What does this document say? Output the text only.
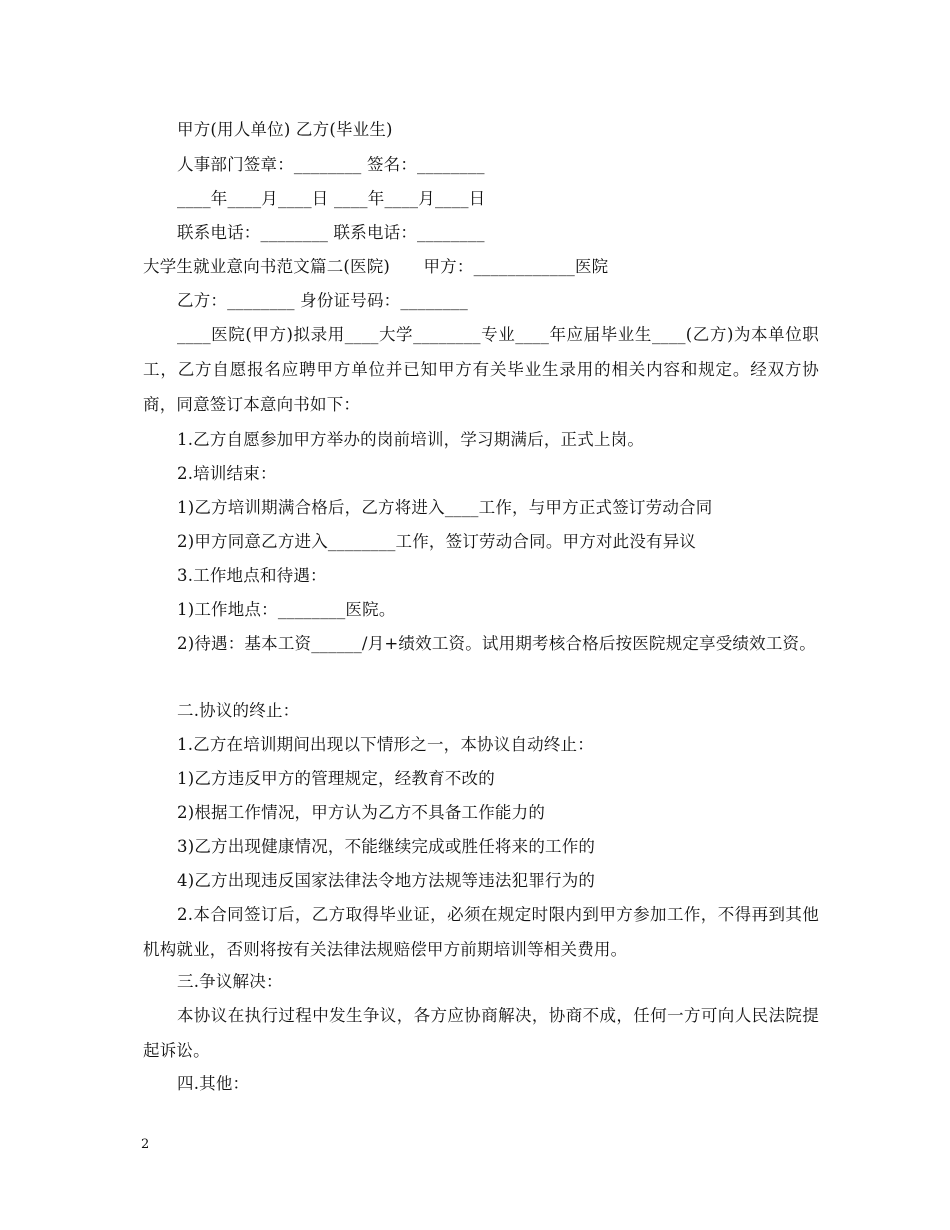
甲方(用人单位) 乙方(毕业生)
人事部门签章：________ 签名：________
____年____月____日 ____年____月____日
联系电话：________ 联系电话：________
大学生就业意向书范文篇二(医院)　　甲方：____________医院
乙方：________ 身份证号码：________
____医院(甲方)拟录用____大学________专业____年应届毕业生____(乙方)为本单位职工，乙方自愿报名应聘甲方单位并已知甲方有关毕业生录用的相关内容和规定。经双方协商，同意签订本意向书如下：
1.乙方自愿参加甲方举办的岗前培训，学习期满后，正式上岗。
2.培训结束：
1)乙方培训期满合格后，乙方将进入____工作，与甲方正式签订劳动合同
2)甲方同意乙方进入________工作，签订劳动合同。甲方对此没有异议
3.工作地点和待遇：
1)工作地点：________医院。
2)待遇：基本工资______/月+绩效工资。试用期考核合格后按医院规定享受绩效工资。
二.协议的终止：
1.乙方在培训期间出现以下情形之一，本协议自动终止：
1)乙方违反甲方的管理规定，经教育不改的
2)根据工作情况，甲方认为乙方不具备工作能力的
3)乙方出现健康情况，不能继续完成或胜任将来的工作的
4)乙方出现违反国家法律法令地方法规等违法犯罪行为的
2.本合同签订后，乙方取得毕业证，必须在规定时限内到甲方参加工作，不得再到其他机构就业，否则将按有关法律法规赔偿甲方前期培训等相关费用。
三.争议解决：
本协议在执行过程中发生争议，各方应协商解决，协商不成，任何一方可向人民法院提起诉讼。
四.其他：
2
